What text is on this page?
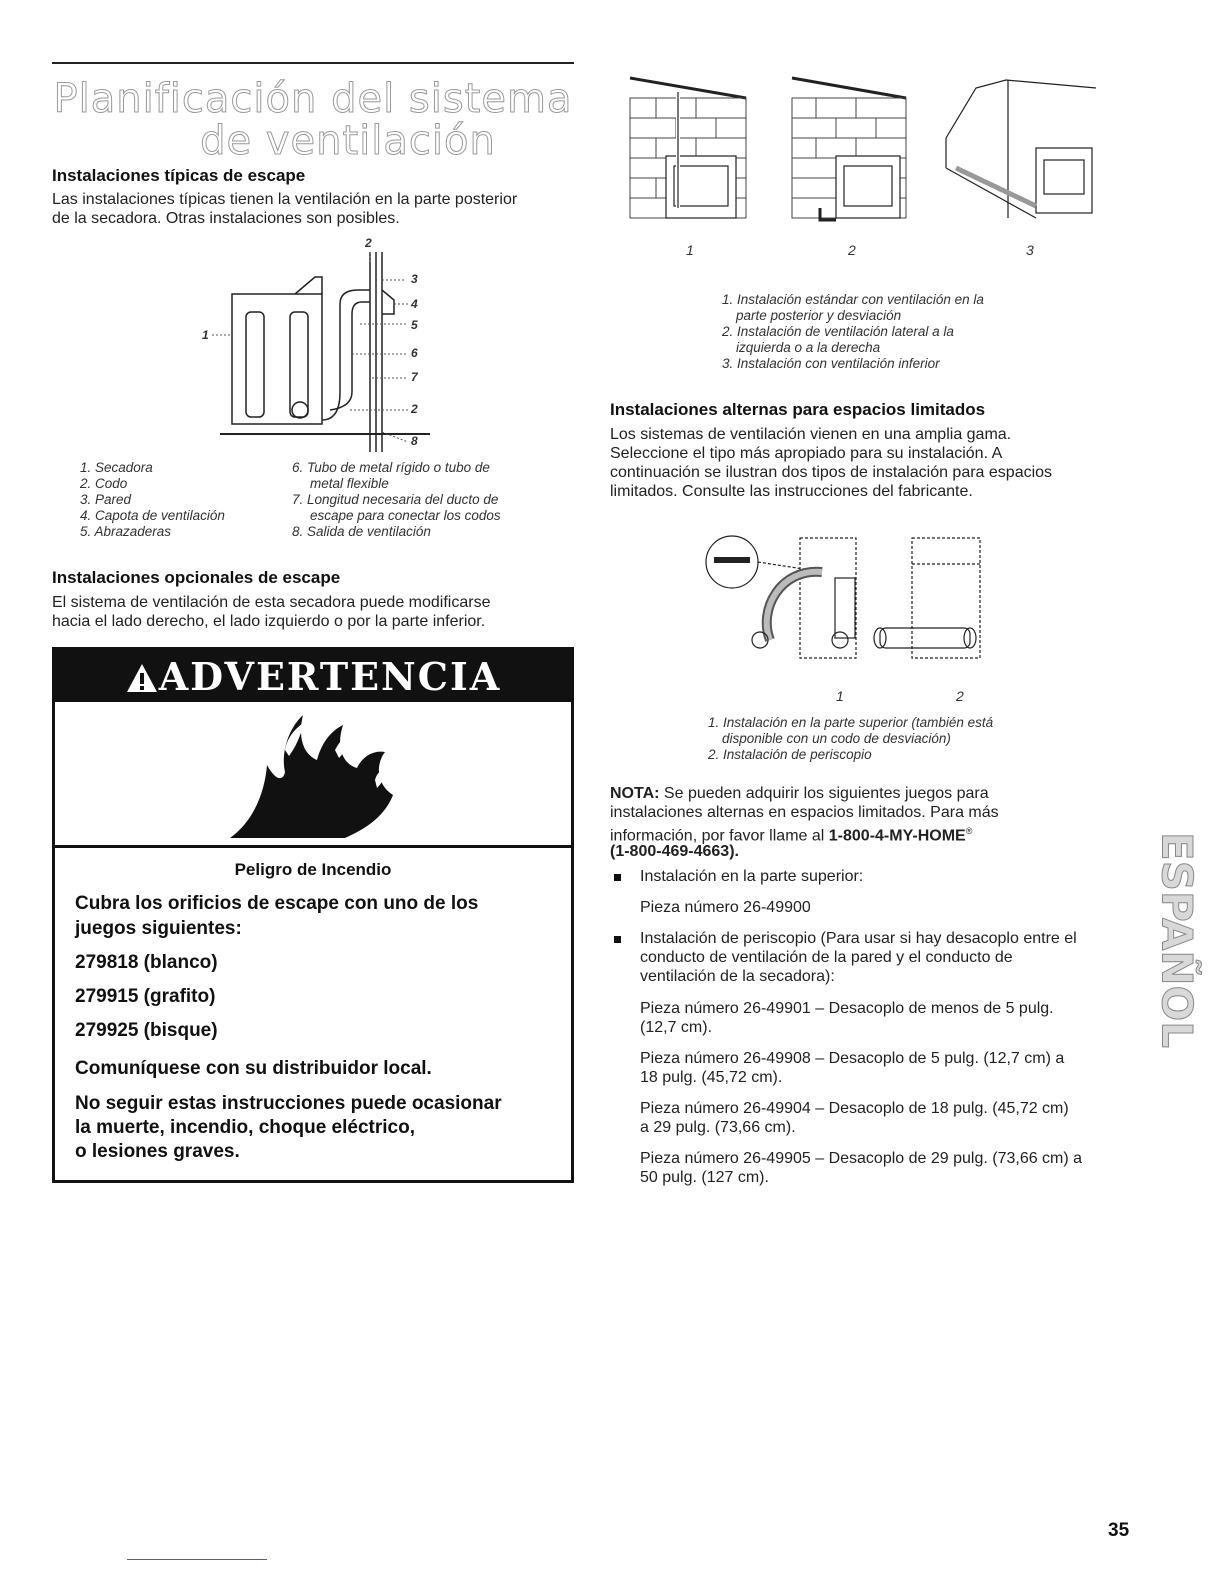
Planificación del sistema
de ventilación
Instalaciones típicas de escape

Las instalaciones típicas tienen la ventilación en la parte posterior

de la secadora. Otras instalaciones son posibles.

1
2
3
4
5
6
7
2
8
1. Secadora
2. Codo
3. Pared
4. Capota de ventilación
5. Abrazaderas
6. Tubo de metal rígido o tubo de
metal flexible
7. Longitud necesaria del ducto de
escape para conectar los codos
8. Salida de ventilación
Instalaciones opcionales de escape

El sistema de ventilación de esta secadora puede modificarse

hacia el lado derecho, el lado izquierdo o por la parte inferior.

ADVERTENCIA
Peligro de Incendio
Cubra los orificios de escape con uno de los
juegos siguientes:
279818 (blanco)
279915 (grafito)
279925 (bisque)
Comuníquese con su distribuidor local.
No seguir estas instrucciones puede ocasionar
la muerte, incendio, choque eléctrico,
o lesiones graves.
1	2	3
1. Instalación estándar con ventilación en la
parte posterior y desviación
2. Instalación de ventilación lateral a la
izquierda o a la derecha
3. Instalación con ventilación inferior
Instalaciones alternas para espacios limitados

Los sistemas de ventilación vienen en una amplia gama.

Seleccione el tipo más apropiado para su instalación. A

continuación se ilustran dos tipos de instalación para espacios

limitados. Consulte las instrucciones del fabricante.

1	2
1. Instalación en la parte superior (también está
disponible con un codo de desviación)
2. Instalación de periscopio

NOTA: Se pueden adquirir los siguientes juegos para

instalaciones alternas en espacios limitados. Para más

información, por favor llame al 1-800-4-MY-HOME®

(1-800-469-4663).

Instalación en la parte superior:
Pieza número 26-49900
Instalación de periscopio (Para usar si hay desacoplo entre el
conducto de ventilación de la pared y el conducto de
ventilación de la secadora):
Pieza número 26-49901 – Desacoplo de menos de 5 pulg.
(12,7 cm).
Pieza número 26-49908 – Desacoplo de 5 pulg. (12,7 cm) a
18 pulg. (45,72 cm).
Pieza número 26-49904 – Desacoplo de 18 pulg. (45,72 cm)
a 29 pulg. (73,66 cm).
Pieza número 26-49905 – Desacoplo de 29 pulg. (73,66 cm) a
50 pulg. (127 cm).
ESPAÑOL
35
